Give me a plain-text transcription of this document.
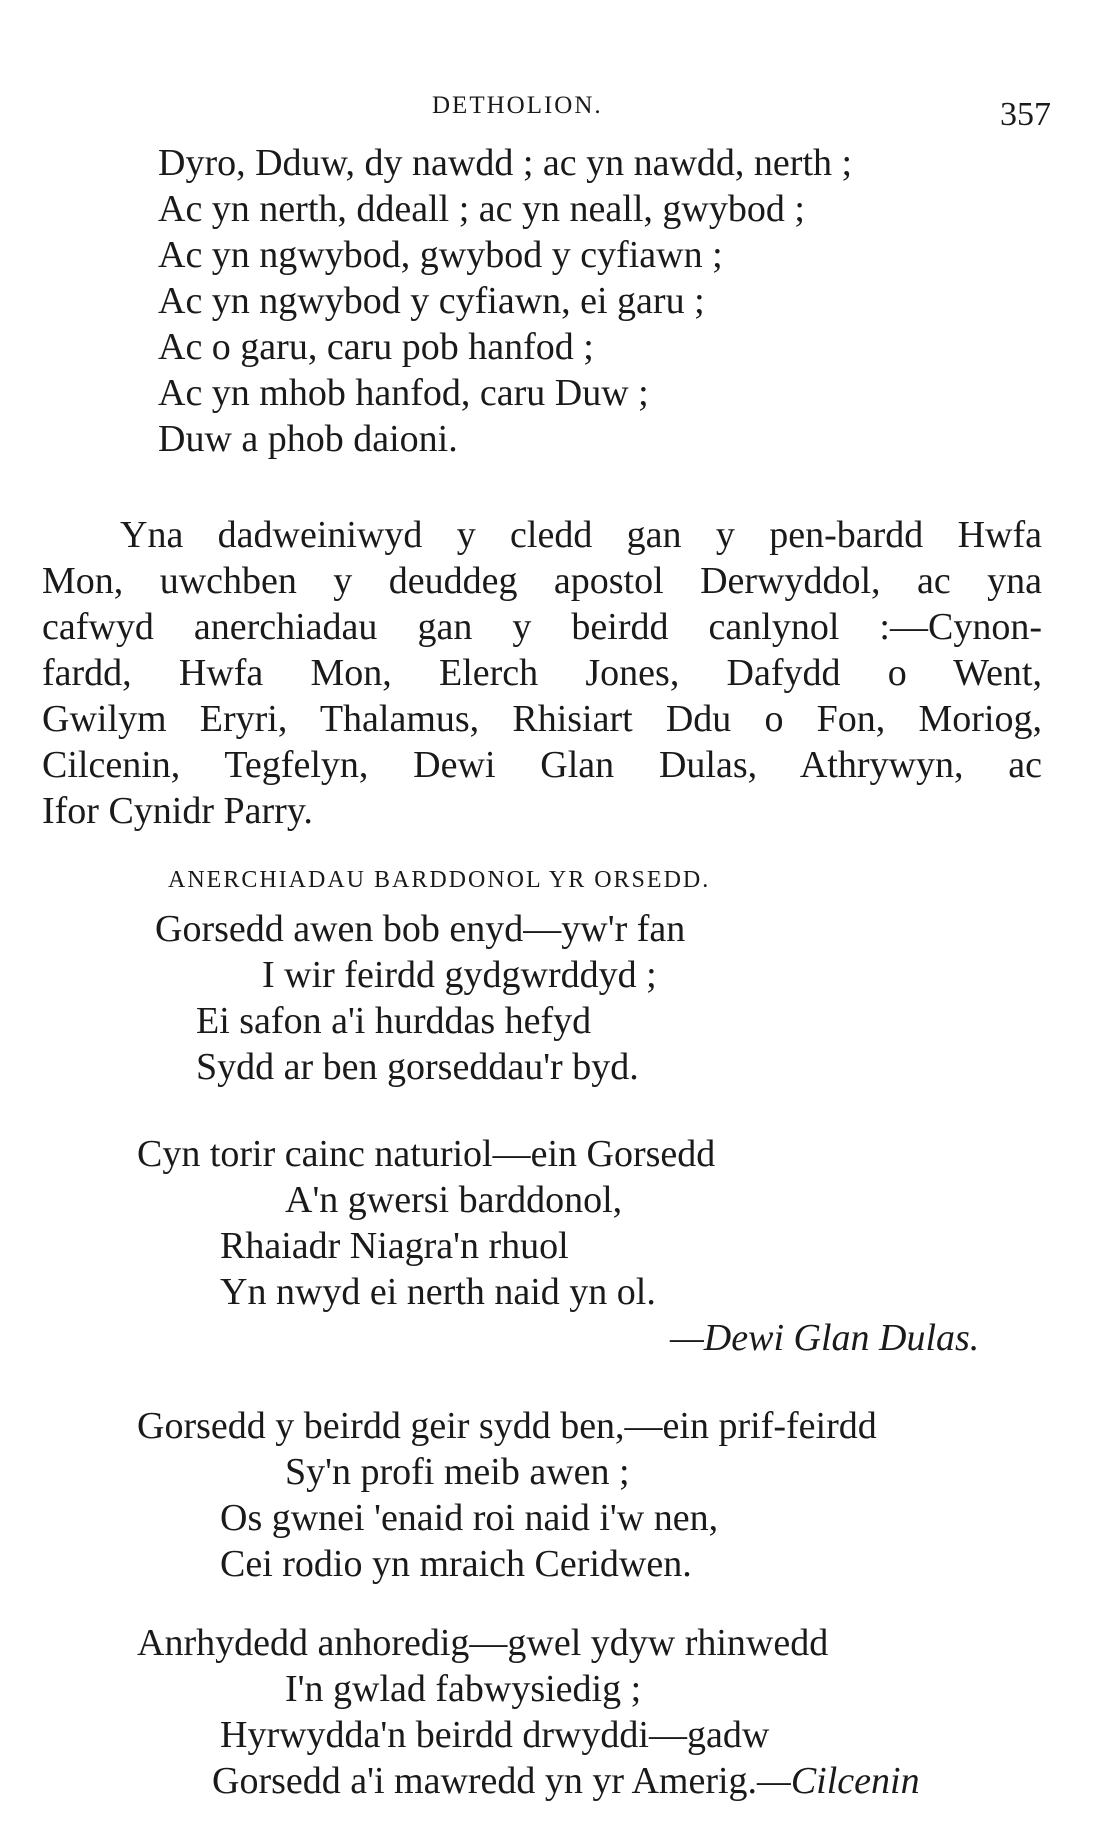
DETHOLION.	357
Dyro, Dduw, dy nawdd ; ac yn nawdd, nerth ;
Ac yn nerth, ddeall ; ac yn neall, gwybod ;
Ac yn ngwybod, gwybod y cyfiawn ;
Ac yn ngwybod y cyfiawn, ei garu ;
Ac o garu, caru pob hanfod ;
Ac yn mhob hanfod, caru Duw ;
Duw a phob daioni.
Yna dadweiniwyd y cledd gan y pen-bardd Hwfa
Mon, uwchben y deuddeg apostol Derwyddol, ac yna
cafwyd anerchiadau gan y beirdd canlynol :—Cynon-
fardd, Hwfa Mon, Elerch Jones, Dafydd o Went,
Gwilym Eryri, Thalamus, Rhisiart Ddu o Fon, Moriog,
Cilcenin, Tegfelyn, Dewi Glan Dulas, Athrywyn, ac
Ifor Cynidr Parry.
ANERCHIADAU BARDDONOL YR ORSEDD.
Gorsedd awen bob enyd—yw'r fan
I wir feirdd gydgwrddyd ;
Ei safon a'i hurddas hefyd
Sydd ar ben gorseddau'r byd.
Cyn torir cainc naturiol—ein Gorsedd
A'n gwersi barddonol,
Rhaiadr Niagra'n rhuol
Yn nwyd ei nerth naid yn ol.
—Dewi Glan Dulas.
Gorsedd y beirdd geir sydd ben,—ein prif-feirdd
Sy'n profi meib awen ;
Os gwnei 'enaid roi naid i'w nen,
Cei rodio yn mraich Ceridwen.
Anrhydedd anhoredig—gwel ydyw rhinwedd
I'n gwlad fabwysiedig ;
Hyrwydda'n beirdd drwyddi—gadw
Gorsedd a'i mawredd yn yr Amerig.—Cilcenin
